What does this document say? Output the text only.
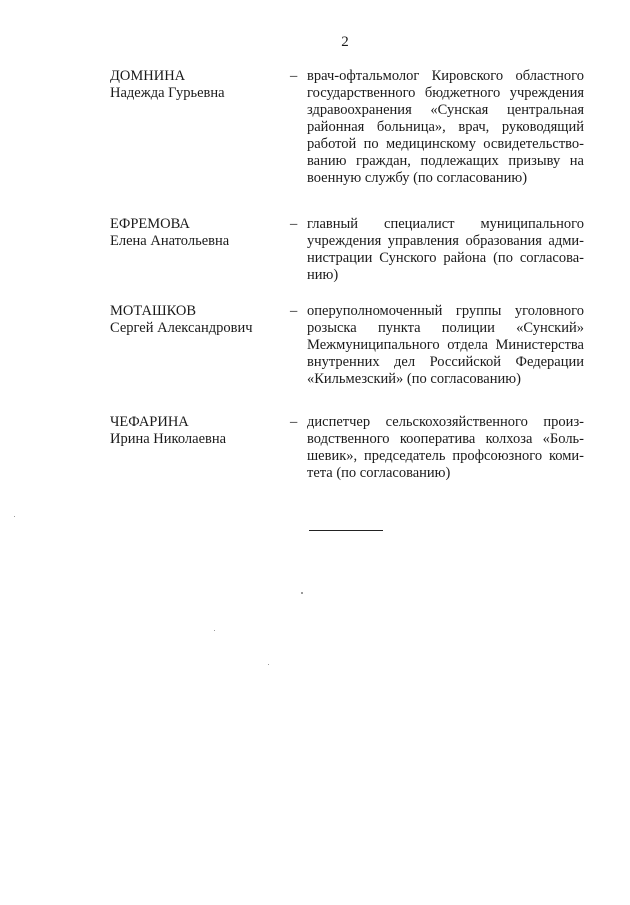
2
ДОМНИНА
Надежда Гурьевна
– врач-офтальмолог Кировского областного
государственного бюджетного учреждения
здравоохранения «Сунская центральная
районная больница», врач, руководящий
работой по медицинскому освидетельство-
ванию граждан, подлежащих призыву на
военную службу (по согласованию)
ЕФРЕМОВА
Елена Анатольевна
– главный специалист муниципального
учреждения управления образования адми-
нистрации Сунского района (по согласова-
нию)
МОТАШКОВ
Сергей Александрович
– оперуполномоченный группы уголовного
розыска пункта полиции «Сунский»
Межмуниципального отдела Министерства
внутренних дел Российской Федерации
«Кильмезский» (по согласованию)
ЧЕФАРИНА
Ирина Николаевна
– диспетчер сельскохозяйственного произ-
водственного кооператива колхоза «Боль-
шевик», председатель профсоюзного коми-
тета (по согласованию)
